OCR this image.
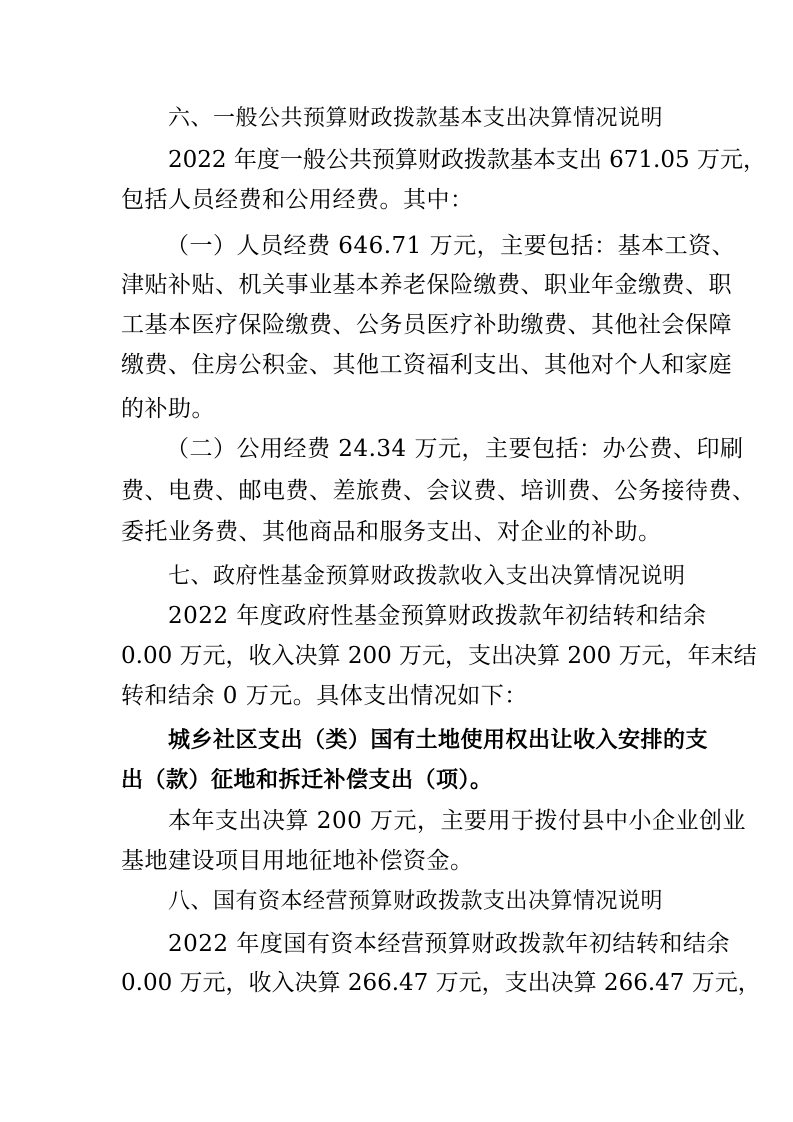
六、一般公共预算财政拨款基本支出决算情况说明
2022 年度一般公共预算财政拨款基本支出 671.05 万元，
包括人员经费和公用经费。其中：
（一）人员经费 646.71 万元，主要包括：基本工资、
津贴补贴、机关事业基本养老保险缴费、职业年金缴费、职
工基本医疗保险缴费、公务员医疗补助缴费、其他社会保障
缴费、住房公积金、其他工资福利支出、其他对个人和家庭
的补助。
（二）公用经费 24.34 万元，主要包括：办公费、印刷
费、电费、邮电费、差旅费、会议费、培训费、公务接待费、
委托业务费、其他商品和服务支出、对企业的补助。
七、政府性基金预算财政拨款收入支出决算情况说明
2022 年度政府性基金预算财政拨款年初结转和结余
0.00 万元，收入决算 200 万元，支出决算 200 万元，年末结
转和结余 0 万元。具体支出情况如下：
城乡社区支出（类）国有土地使用权出让收入安排的支
出（款）征地和拆迁补偿支出（项）。
本年支出决算 200 万元，主要用于拨付县中小企业创业
基地建设项目用地征地补偿资金。
八、国有资本经营预算财政拨款支出决算情况说明
2022 年度国有资本经营预算财政拨款年初结转和结余
0.00 万元，收入决算 266.47 万元，支出决算 266.47 万元，
